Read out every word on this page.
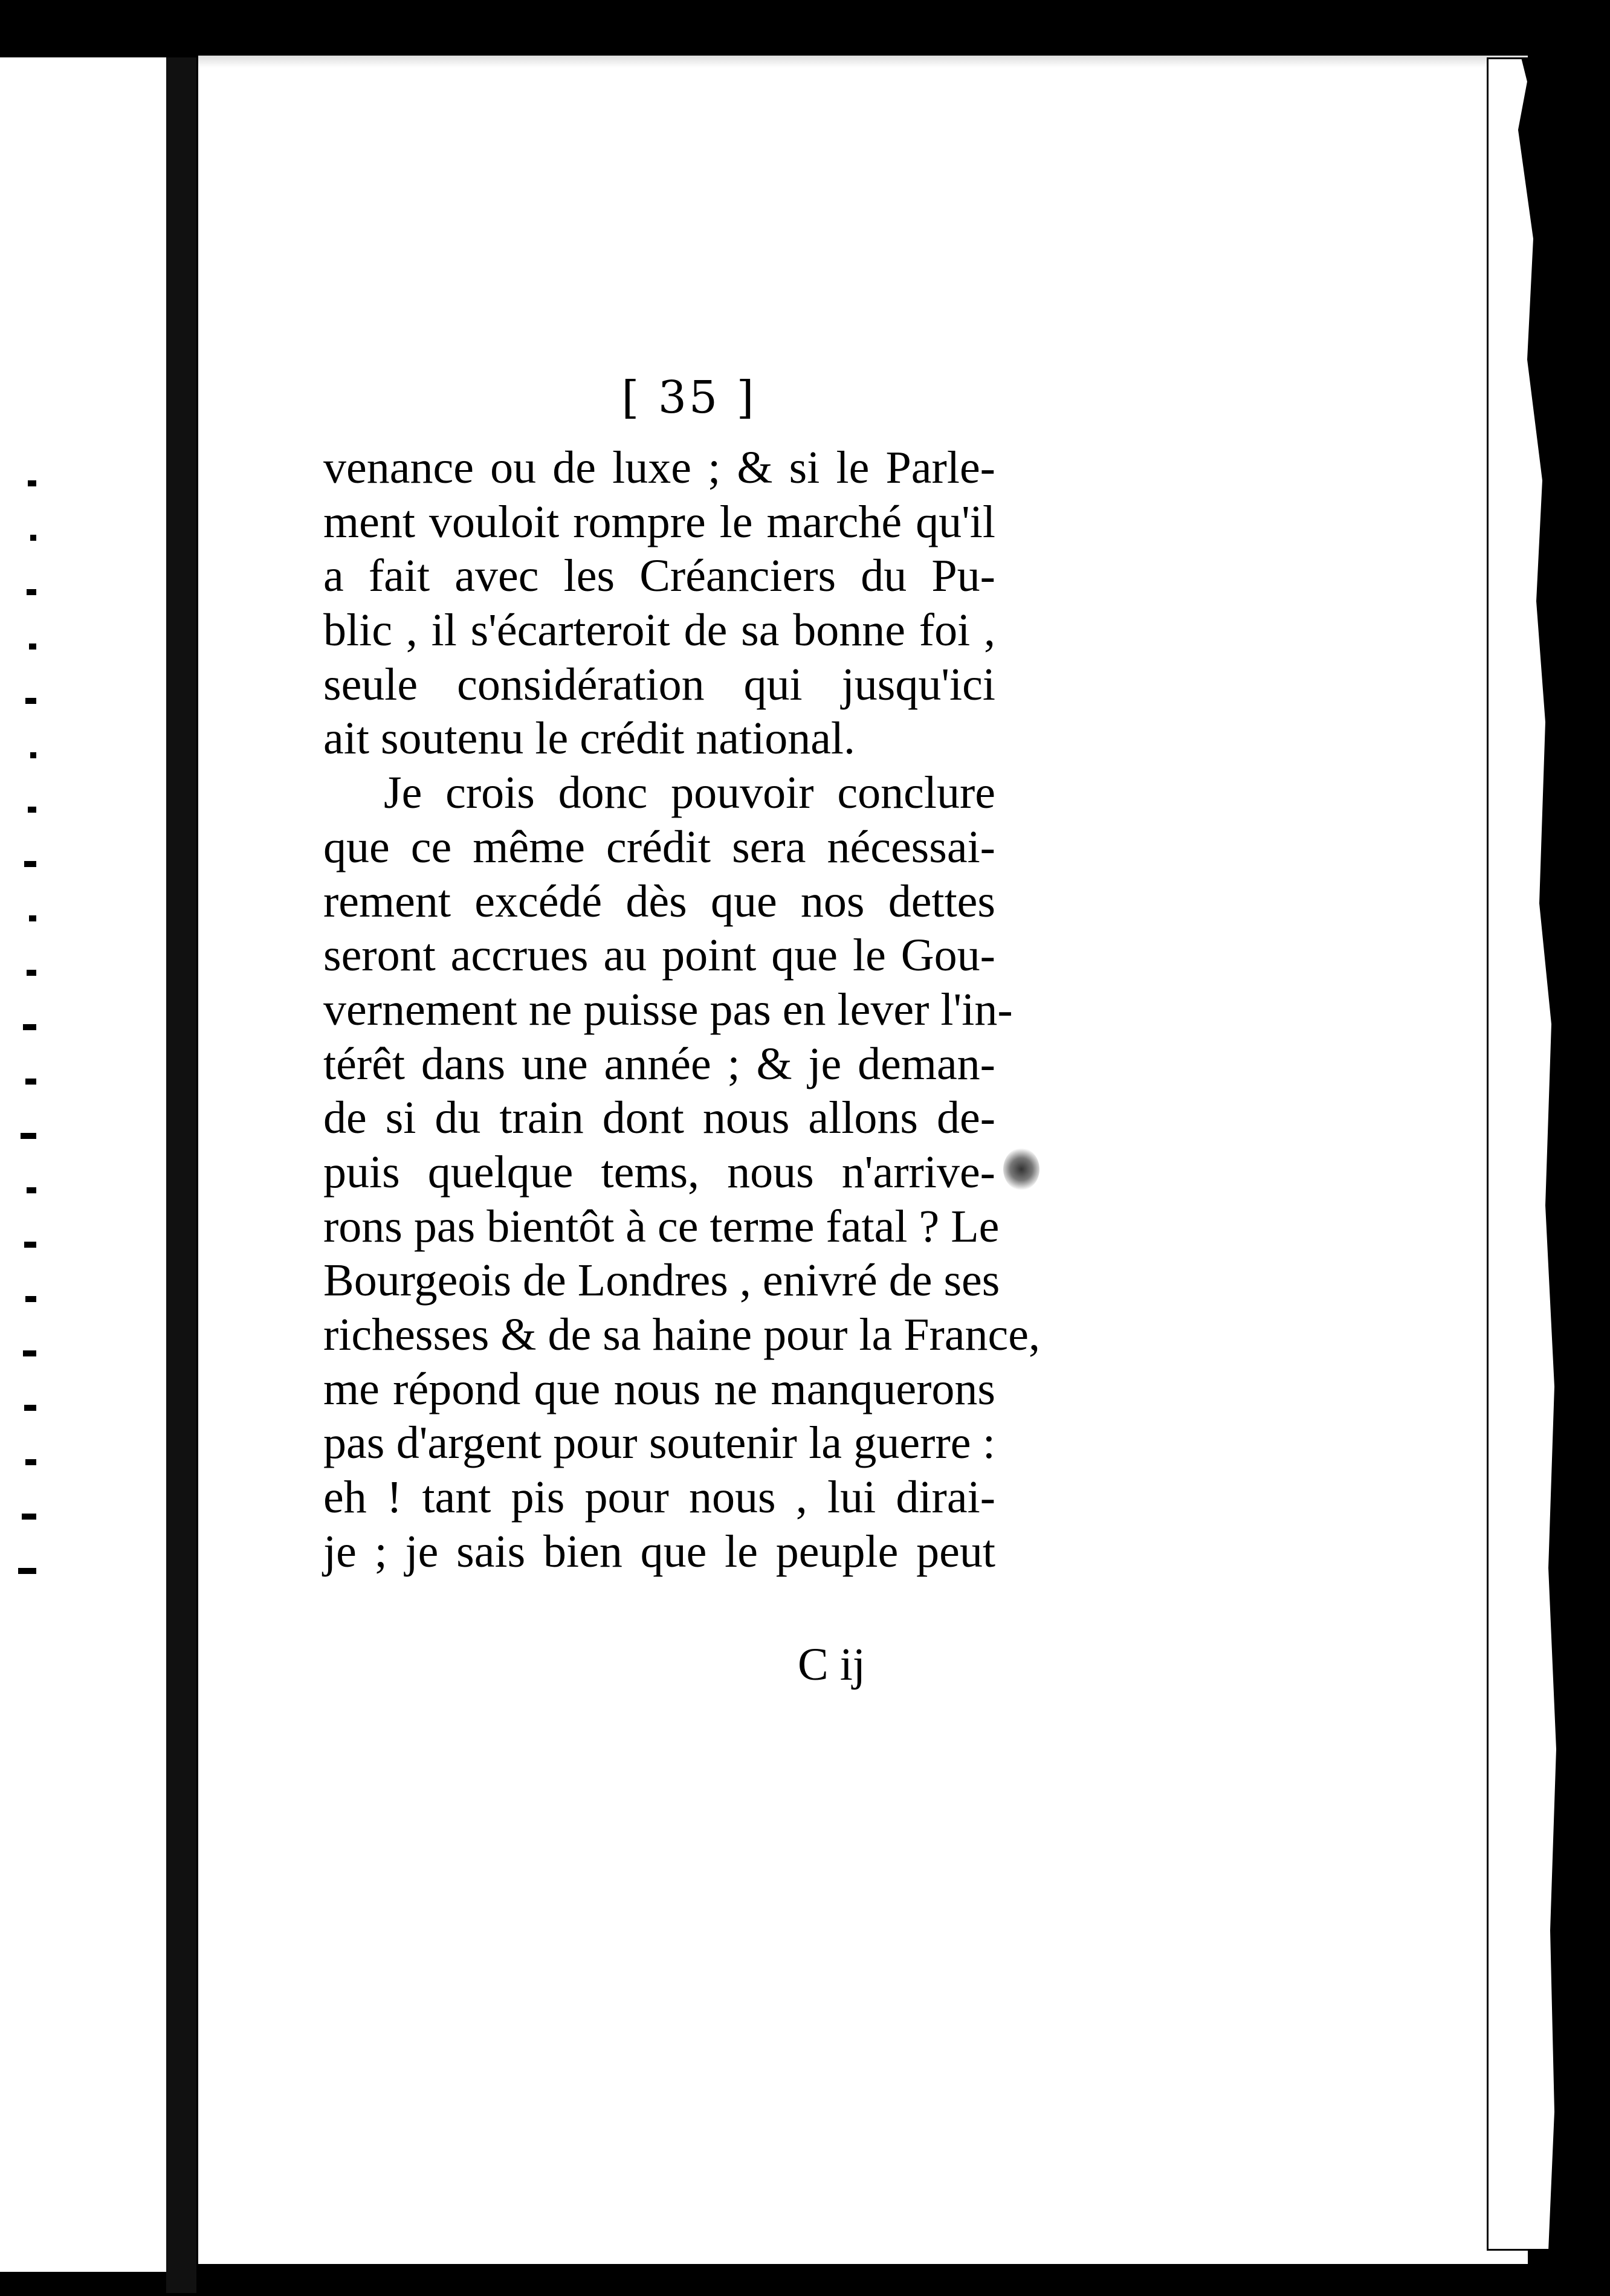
[ 35 ]
venance ou de luxe ; & si le Parle-
ment vouloit rompre le marché qu'il
a fait avec les Créanciers du Pu-
blic , il s'écarteroit de sa bonne foi ,
seule considération qui jusqu'ici
ait soutenu le crédit national.
Je crois donc pouvoir conclure
que ce même crédit sera nécessai-
rement excédé dès que nos dettes
seront accrues au point que le Gou-
vernement ne puisse pas en lever l'in-
térêt dans une année ; & je deman-
de si du train dont nous allons de-
puis quelque tems, nous n'arrive-
rons pas bientôt à ce terme fatal ? Le
Bourgeois de Londres , enivré de ses
richesses & de sa haine pour la France,
me répond que nous ne manquerons
pas d'argent pour soutenir la guerre :
eh ! tant pis pour nous , lui dirai-
je ; je sais bien que le peuple peut
C ij
